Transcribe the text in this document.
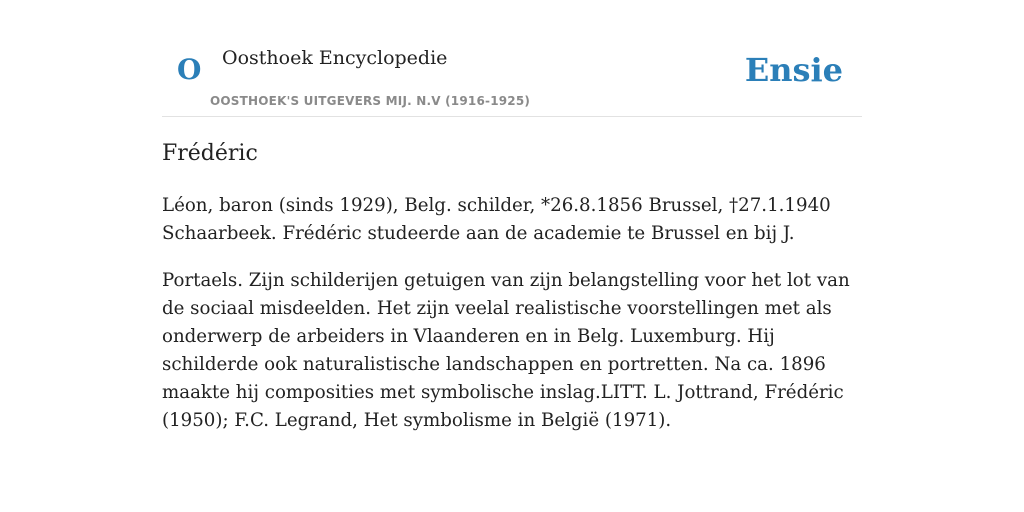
O Oosthoek Encyclopedie
OOSTHOEK'S UITGEVERS MIJ. N.V (1916-1925)
Ensie
Frédéric

Léon, baron (sinds 1929), Belg. schilder, *26.8.1856 Brussel, †27.1.1940 Schaarbeek. Frédéric studeerde aan de academie te Brussel en bij J.

Portaels. Zijn schilderijen getuigen van zijn belangstelling voor het lot van de sociaal misdeelden. Het zijn veelal realistische voorstellingen met als onderwerp de arbeiders in Vlaanderen en in Belg. Luxemburg. Hij schilderde ook naturalistische landschappen en portretten. Na ca. 1896 maakte hij composities met symbolische inslag.LITT. L. Jottrand, Frédéric (1950); F.C. Legrand, Het symbolisme in België (1971).
